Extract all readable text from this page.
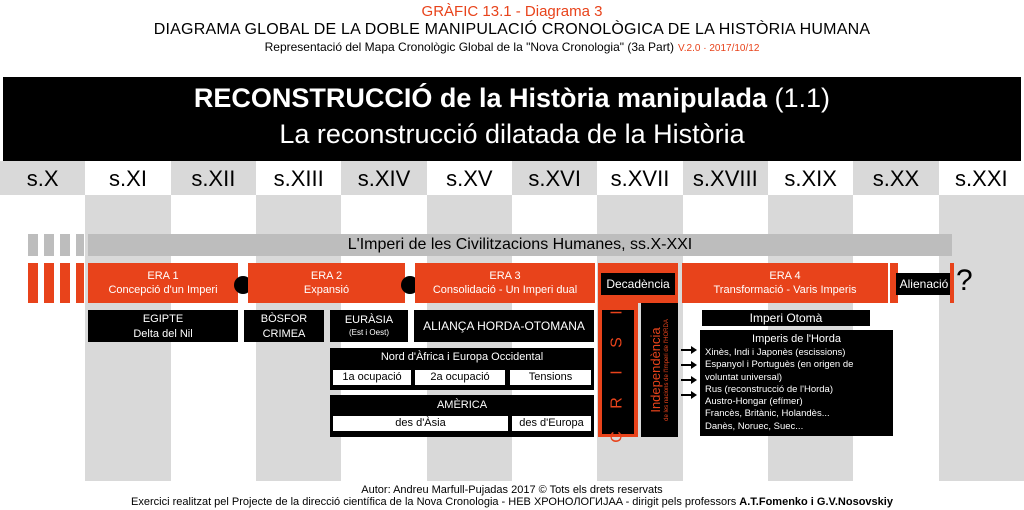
GRÀFIC 13.1 - Diagrama 3
DIAGRAMA GLOBAL DE LA DOBLE MANIPULACIÓ CRONOLÒGICA DE LA HISTÒRIA HUMANA
Representació del Mapa Cronològic Global de la "Nova Cronologia" (3a Part) V.2.0 · 2017/10/12
RECONSTRUCCIÓ de la Història manipulada (1.1)
La reconstrucció dilatada de la Història
s.X	s.XI	s.XII	s.XIII	s.XIV	s.XV	s.XVI	s.XVII	s.XVIII	s.XIX	s.XX	s.XXI
L'Imperi de les Civilitzacions Humanes, ss.X-XXI
ERA 1
Concepció d'un Imperi
ERA 2
Expansió
ERA 3
Consolidació - Un Imperi dual	Decadència
ERA 4
Transformació - Varis Imperis	Alienació ?
EGIPTE
Delta del Nil
BÒSFOR
CRIMEA
EURÀSIA
(Est i Oest)	ALIANÇA HORDA-OTOMANA
Nord d'Àfrica i Europa Occidental
1a ocupació	2a ocupació	Tensions
AMÈRICA
des d'Àsia	des d'Europa	C R I S I Independència de les nacions de l'Imperi de l'HORDA
Imperi Otomà
Imperis de l'Horda
Xinès, Indi i Japonès (escissions)
Espanyol i Portuguès (en origen de
voluntat universal)
Rus (reconstrucció de l'Horda)
Austro-Hongar (efímer)
Francès, Britànic, Holandès...
Danès, Noruec, Suec...
Autor: Andreu Marfull-Pujadas 2017 © Tots els drets reservats
Exercici realitzat pel Projecte de la direcció científica de la Nova Cronologia - НЕВ ХРОНОЛОГИJAA - dirigit pels professors A.T.Fomenko i G.V.Nosovskiy
